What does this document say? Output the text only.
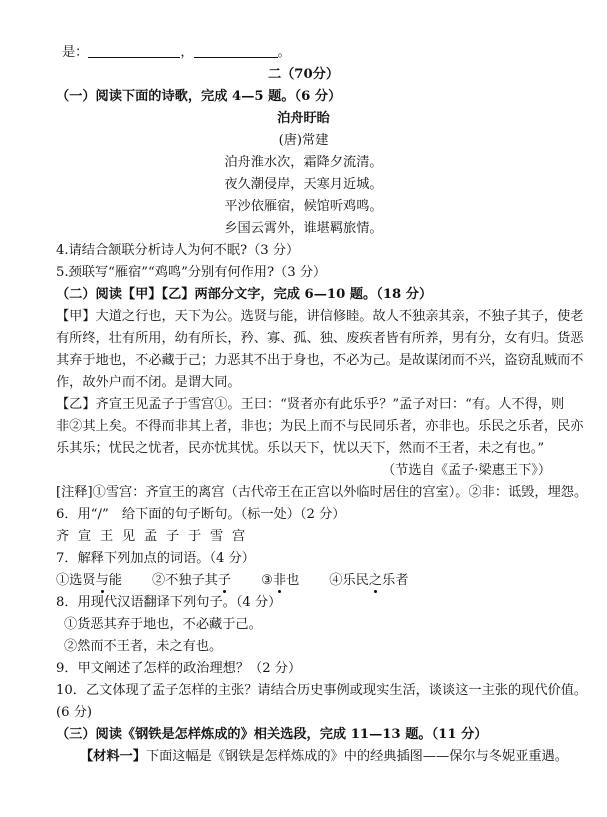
是：	，	。
二（70分）
（一）阅读下面的诗歌，完成 4—5 题。（6 分）
泊舟盱眙
(唐)常建
泊舟淮水次，霜降夕流清。
夜久潮侵岸，天寒月近城。
平沙依雁宿，候馆听鸡鸣。
乡国云霄外，谁堪羁旅情。
4.请结合颔联分析诗人为何不眠?（3 分）
5.颈联写“雁宿”“鸡鸣”分别有何作用?（3 分）
（二）阅读【甲】【乙】两部分文字，完成 6—10 题。（18 分）
【甲】大道之行也，天下为公。选贤与能，讲信修睦。故人不独亲其亲，不独子其子，使老
有所终，壮有所用，幼有所长，矜、寡、孤、独、废疾者皆有所养，男有分，女有归。货恶
其弃于地也，不必藏于己；力恶其不出于身也，不必为己。是故谋闭而不兴，盗窃乱贼而不
作，故外户而不闭。是谓大同。
【乙】齐宣王见孟子于雪宫①。王曰：“贤者亦有此乐乎？”孟子对曰：“有。人不得，则
非②其上矣。不得而非其上者，非也；为民上而不与民同乐者，亦非也。乐民之乐者，民亦
乐其乐；忧民之忧者，民亦忧其忧。乐以天下，忧以天下，然而不王者，未之有也。”
（节选自《孟子·梁惠王下》）
[注释]①雪宫：齐宣王的离宫（古代帝王在正宫以外临时居住的宫室）。②非：诋毁，埋怨。
6．用“/”　给下面的句子断句。（标一处）（2 分）
齐 宣 王 见 孟 子 于 雪 宫
7．解释下列加点的词语。（4 分）
①选贤与能 ②不独子其子 ③非也 ④乐民之乐者
8．用现代汉语翻译下列句子。（4 分）
①货恶其弃于地也，不必藏于己。
②然而不王者，未之有也。
9．甲文阐述了怎样的政治理想？（2 分）
10．乙文体现了孟子怎样的主张？请结合历史事例或现实生活，谈谈这一主张的现代价值。
(6 分)
（三）阅读《钢铁是怎样炼成的》相关选段，完成 11—13 题。（11 分）
【材料一】下面这幅是《钢铁是怎样炼成的》中的经典插图——保尔与冬妮亚重遇。
